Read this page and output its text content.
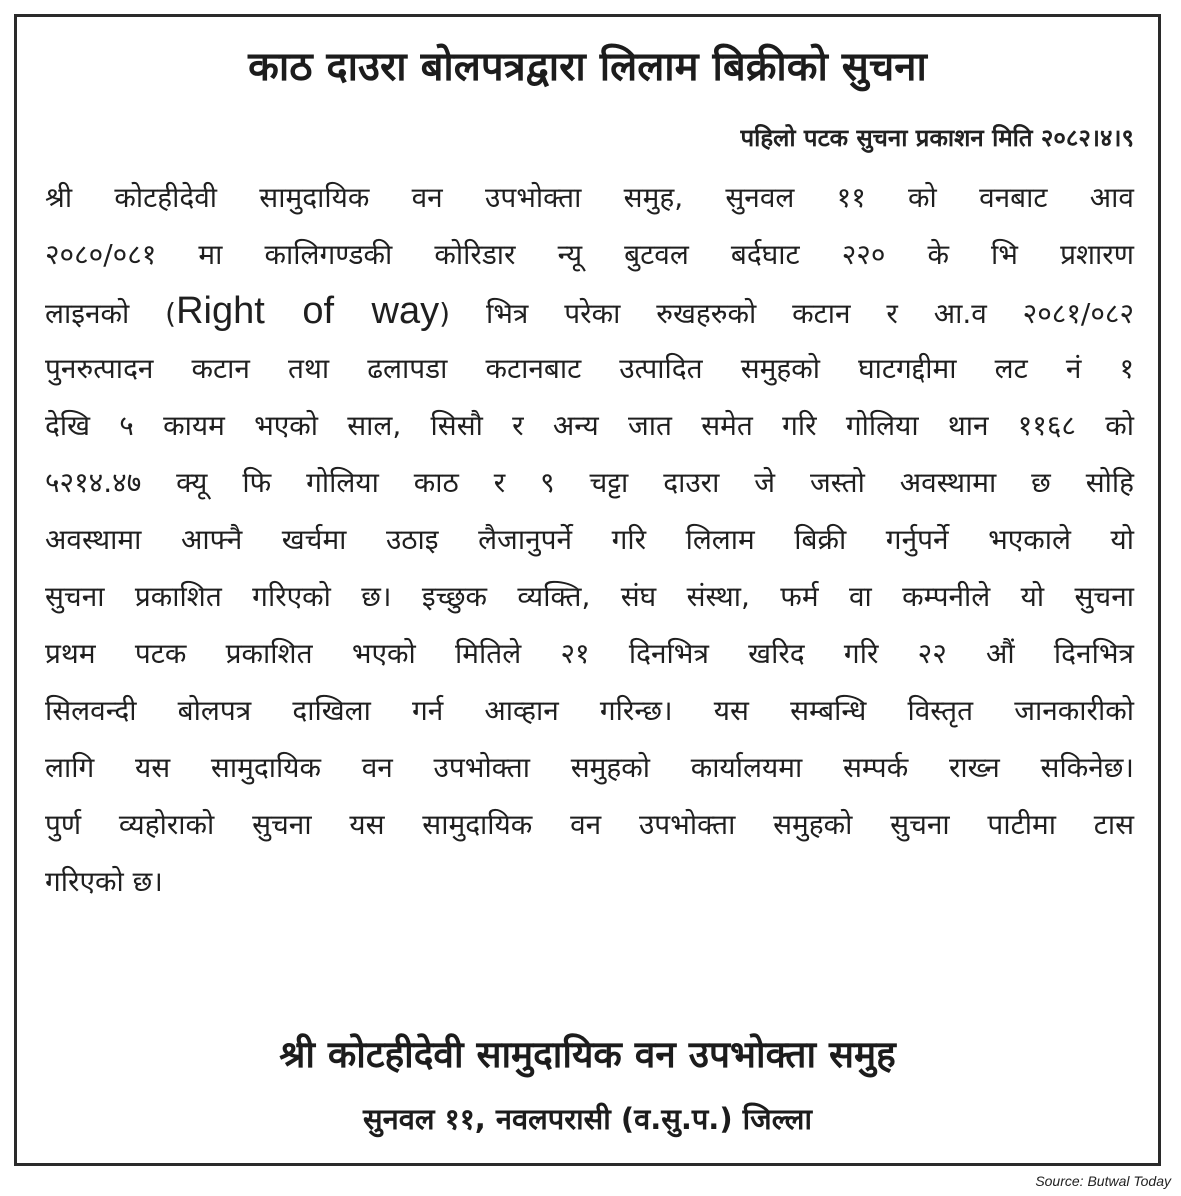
काठ दाउरा बोलपत्रद्वारा लिलाम बिक्रीको सुचना
पहिलो पटक सुचना प्रकाशन मिति २०८२।४।९
श्री कोटहीदेवी सामुदायिक वन उपभोक्ता समुह, सुनवल ११ को वनबाट आव
२०८०/०८१ मा कालिगण्डकी कोरिडार न्यू बुटवल बर्दघाट २२० के भि प्रशारण
लाइनको (Right of way) भित्र परेका रुखहरुको कटान र आ.व २०८१/०८२
पुनरुत्पादन कटान तथा ढलापडा कटानबाट उत्पादित समुहको घाटगद्दीमा लट नं १
देखि ५ कायम भएको साल, सिसौ र अन्य जात समेत गरि गोलिया थान ११६८ को
५२१४.४७ क्यू फि गोलिया काठ र ९ चट्टा दाउरा जे जस्तो अवस्थामा छ सोहि
अवस्थामा आफ्नै खर्चमा उठाइ लैजानुपर्ने गरि लिलाम बिक्री गर्नुपर्ने भएकाले यो
सुचना प्रकाशित गरिएको छ। इच्छुक व्यक्ति, संघ संस्था, फर्म वा कम्पनीले यो सुचना
प्रथम पटक प्रकाशित भएको मितिले २१ दिनभित्र खरिद गरि २२ औं दिनभित्र
सिलवन्दी बोलपत्र दाखिला गर्न आव्हान गरिन्छ। यस सम्बन्धि विस्तृत जानकारीको
लागि यस सामुदायिक वन उपभोक्ता समुहको कार्यालयमा सम्पर्क राख्न सकिनेछ।
पुर्ण व्यहोराको सुचना यस सामुदायिक वन उपभोक्ता समुहको सुचना पाटीमा टास
गरिएको छ।
श्री कोटहीदेवी सामुदायिक वन उपभोक्ता समुह
सुनवल ११, नवलपरासी (व.सु.प.) जिल्ला
Source: Butwal Today
